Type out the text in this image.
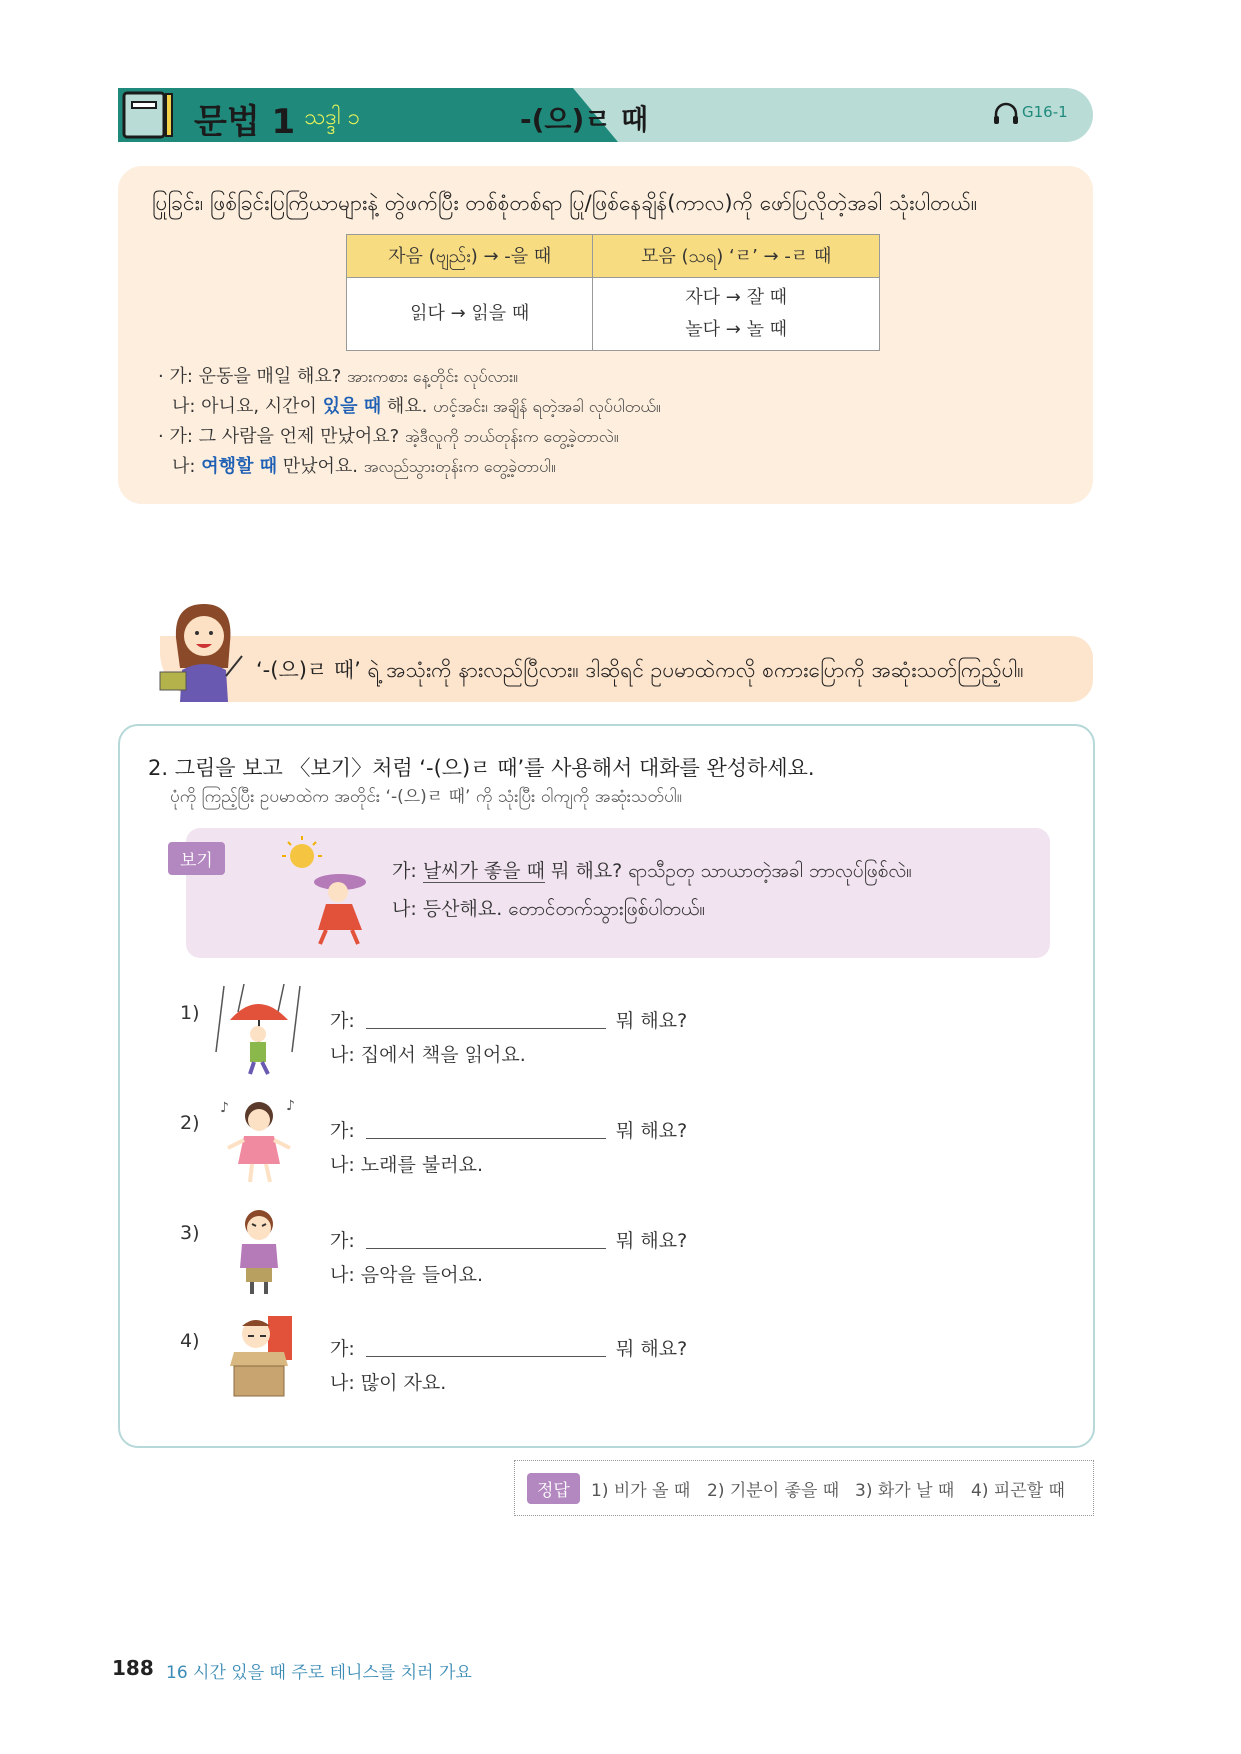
문법 1 သဒ္ဒါ ၁	-(으)ㄹ 때	G16-1
ပြုခြင်း၊ ဖြစ်ခြင်းပြကြိယာများနဲ့ တွဲဖက်ပြီး တစ်စုံတစ်ရာ ပြု/ဖြစ်နေချိန်(ကာလ)ကို ဖော်ပြလိုတဲ့အခါ သုံးပါတယ်။
자음 (ဗျည်း) → -을 때	모음 (သရ) ‘ㄹ’ → -ㄹ 때
읽다 → 읽을 때	자다 → 잘 때
놀다 → 놀 때
· 가: 운동을 매일 해요? အားကစား နေ့တိုင်း လုပ်လား။
나: 아니요, 시간이 있을 때 해요. ဟင့်အင်း၊ အချိန် ရတဲ့အခါ လုပ်ပါတယ်။
· 가: 그 사람을 언제 만났어요? အဲ့ဒီလူကို ဘယ်တုန်းက တွေ့ခဲ့တာလဲ။
나: 여행할 때 만났어요. အလည်သွားတုန်းက တွေ့ခဲ့တာပါ။
‘-(으)ㄹ 때’ ရဲ့ အသုံးကို နားလည်ပြီလား။ ဒါဆိုရင် ဥပမာထဲကလို စကားပြောကို အဆုံးသတ်ကြည့်ပါ။
2. 그림을 보고 〈보기〉처럼 ‘-(으)ㄹ 때’를 사용해서 대화를 완성하세요.
ပုံကို ကြည့်ပြီး ဥပမာထဲက အတိုင်း ‘-(으)ㄹ 때’ ကို သုံးပြီး ဝါကျကို အဆုံးသတ်ပါ။
보기	가: 날씨가 좋을 때 뭐 해요? ရာသီဥတု သာယာတဲ့အခါ ဘာလုပ်ဖြစ်လဲ။
나: 등산해요. တောင်တက်သွားဖြစ်ပါတယ်။
1)	가:	뭐 해요?
나: 집에서 책을 읽어요.
2)
♪	♪
가:	뭐 해요?
나: 노래를 불러요.
3)	가:	뭐 해요?
나: 음악을 들어요.
4)	가:	뭐 해요?
나: 많이 자요.
정답	1) 비가 올 때 2) 기분이 좋을 때 3) 화가 날 때 4) 피곤할 때
188 16 시간 있을 때 주로 테니스를 치러 가요
